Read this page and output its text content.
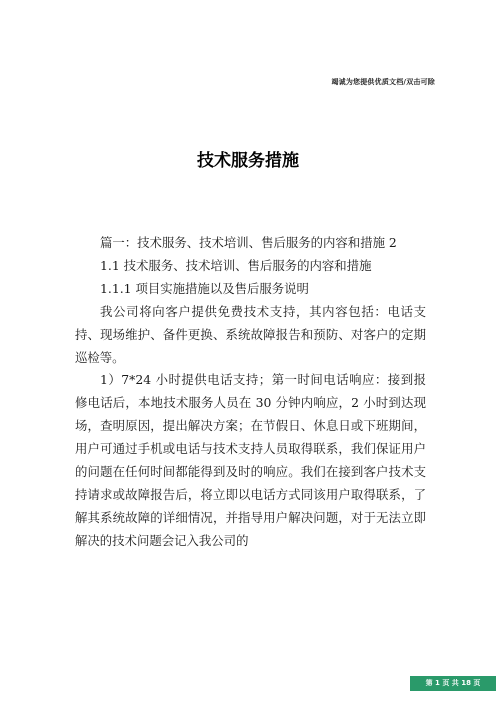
竭诚为您提供优质文档/双击可除
技术服务措施

篇一：技术服务、技术培训、售后服务的内容和措施 2

1.1 技术服务、技术培训、售后服务的内容和措施

1.1.1 项目实施措施以及售后服务说明

我公司将向客户提供免费技术支持，其内容包括：电话支持、现场维护、备件更换、系统故障报告和预防、对客户的定期巡检等。

1）7*24 小时提供电话支持；第一时间电话响应：接到报修电话后，本地技术服务人员在 30 分钟内响应，2 小时到达现场，查明原因，提出解决方案；在节假日、休息日或下班期间，用户可通过手机或电话与技术支持人员取得联系，我们保证用户的问题在任何时间都能得到及时的响应。我们在接到客户技术支持请求或故障报告后，将立即以电话方式同该用户取得联系，了解其系统故障的详细情况，并指导用户解决问题，对于无法立即解决的技术问题会记入我公司的

第 1 页 共 18 页
